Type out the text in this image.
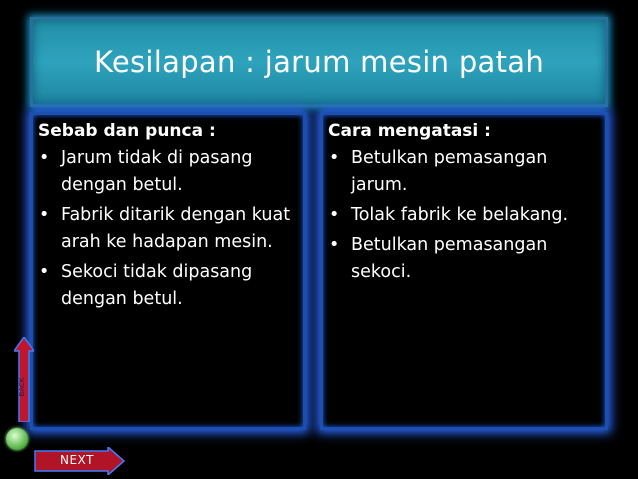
Kesilapan : jarum mesin patah
Sebab dan punca :
• Jarum tidak di pasang dengan betul.
• Fabrik ditarik dengan kuat arah ke hadapan mesin.
• Sekoci tidak dipasang dengan betul.
Cara mengatasi :
• Betulkan pemasangan jarum.
• Tolak fabrik ke belakang.
• Betulkan pemasangan sekoci.
BACK
NEXT
